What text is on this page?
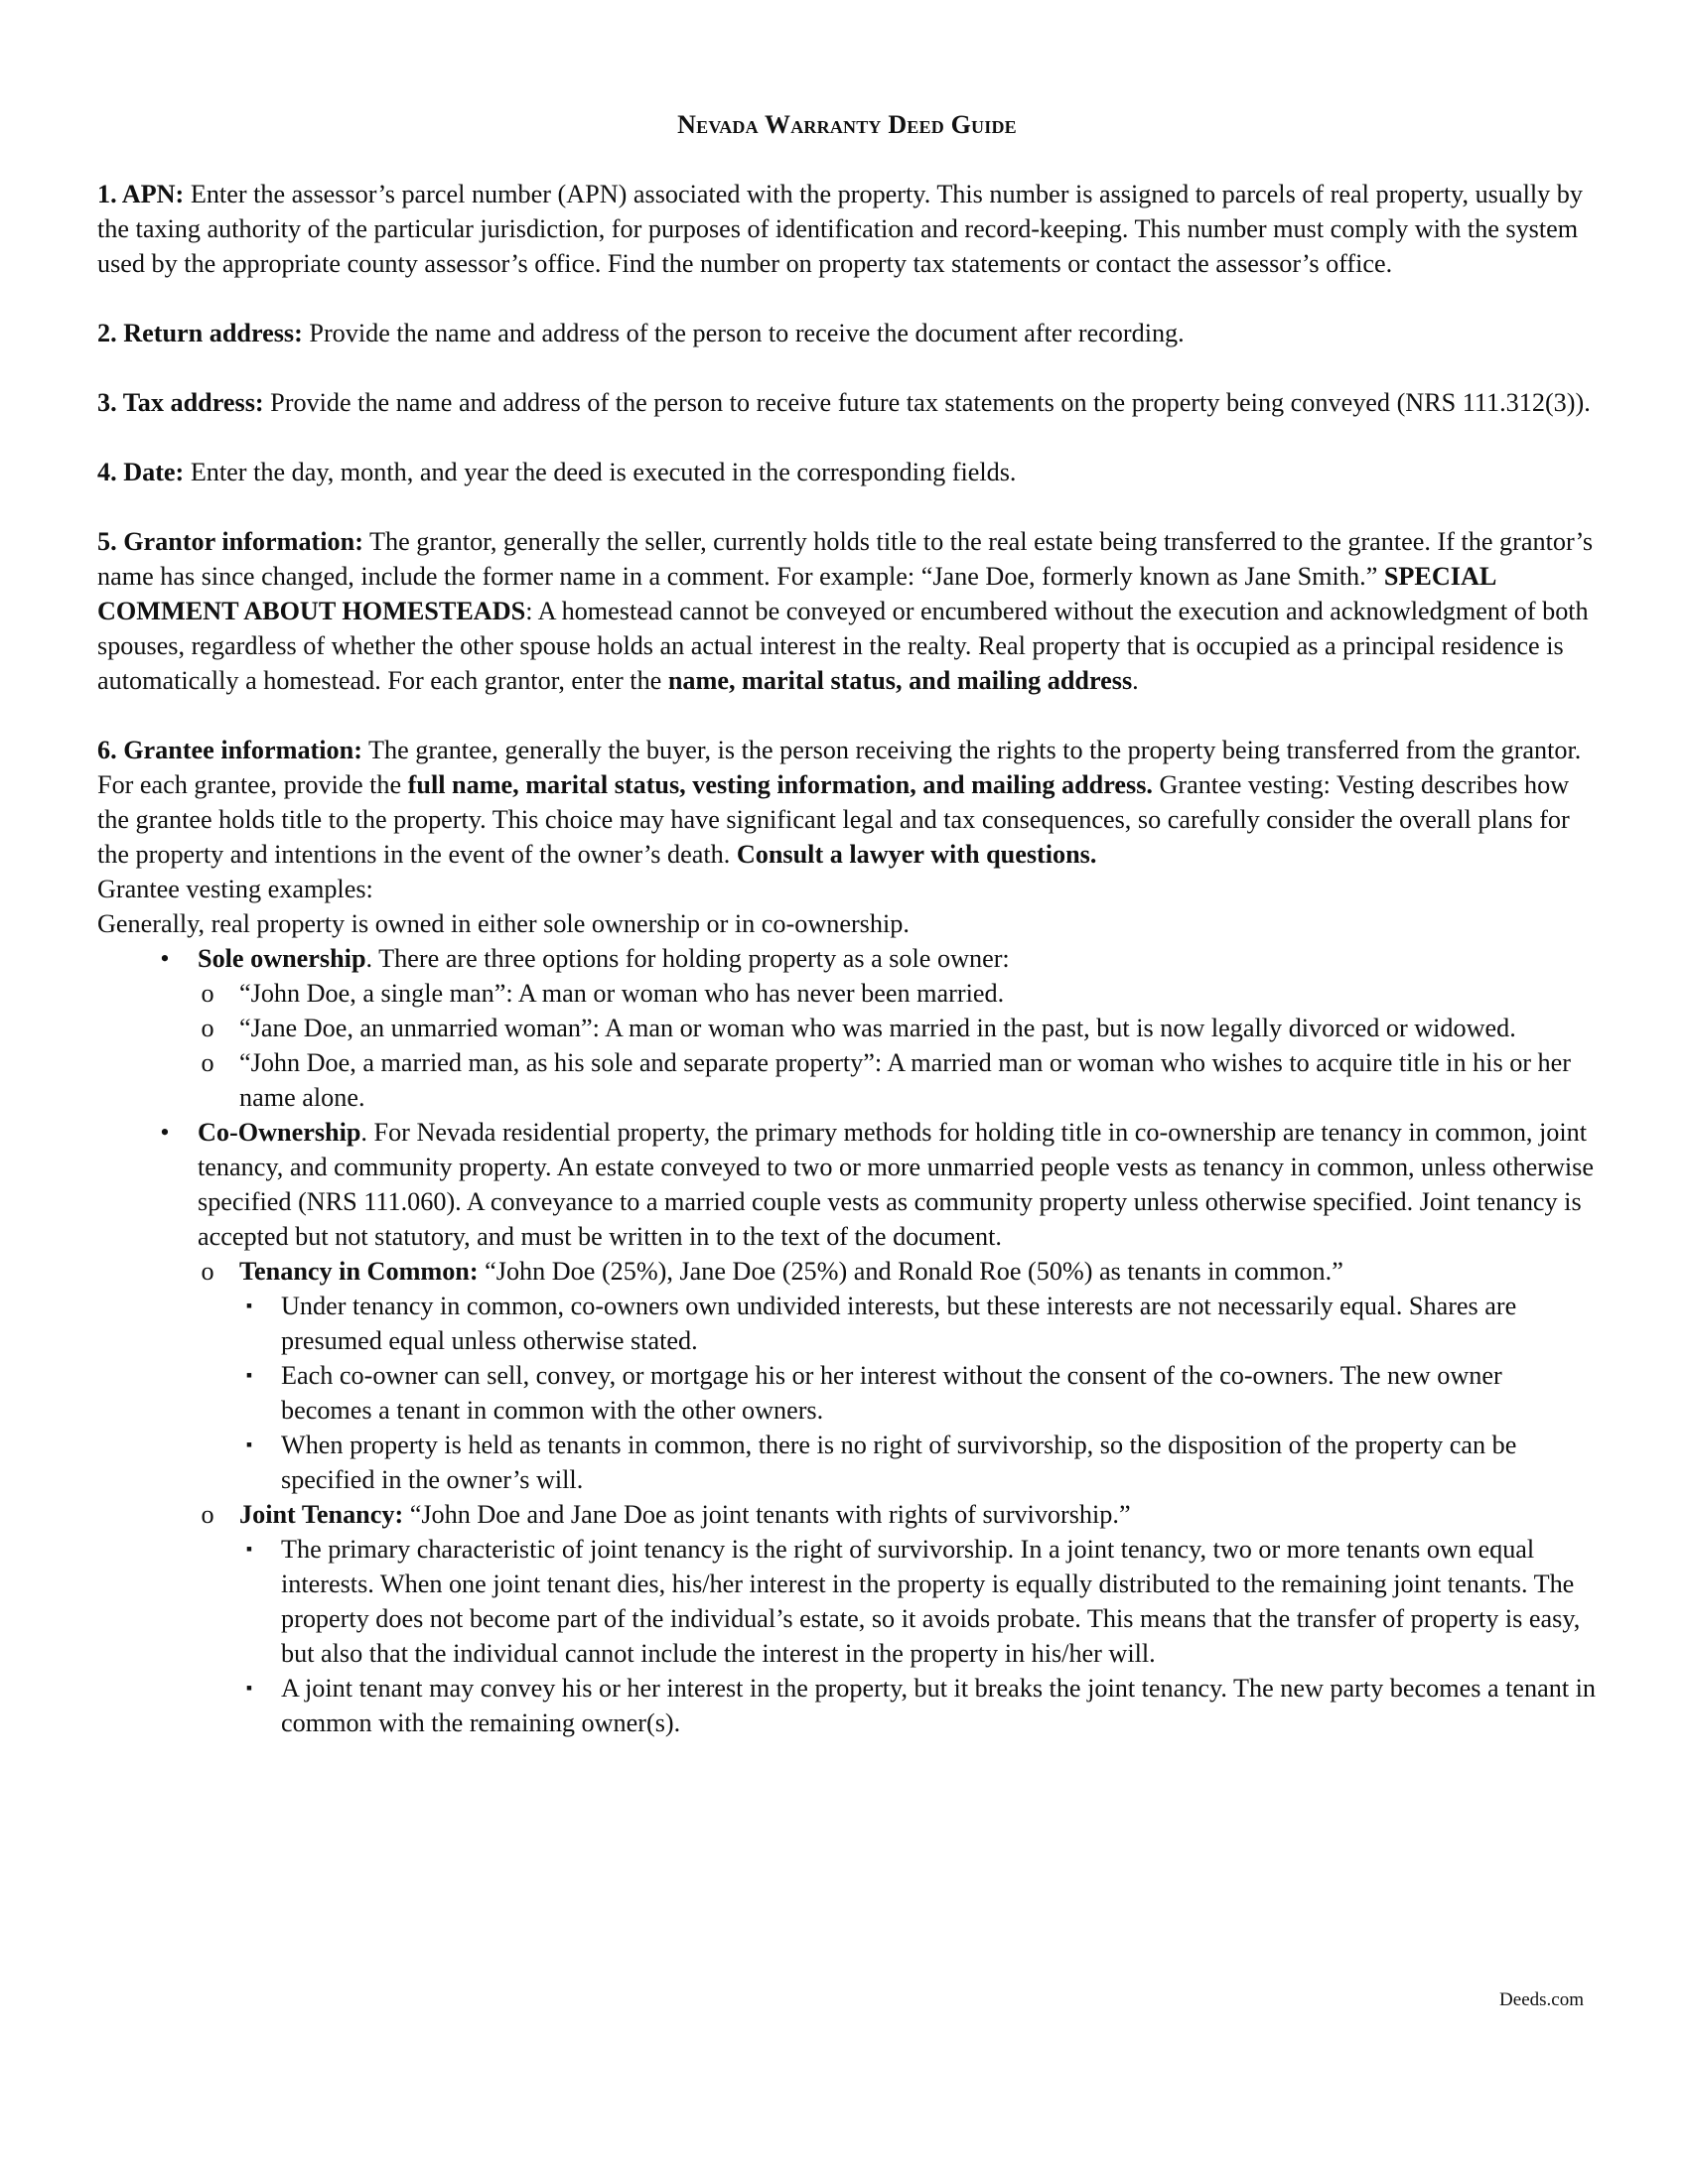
Nevada Warranty Deed Guide

1. APN: Enter the assessor’s parcel number (APN) associated with the property. This number is assigned to parcels of real property, usually by the taxing authority of the particular jurisdiction, for purposes of identification and record-keeping. This number must comply with the system used by the appropriate county assessor’s office. Find the number on property tax statements or contact the assessor’s office.

2. Return address: Provide the name and address of the person to receive the document after recording.

3. Tax address: Provide the name and address of the person to receive future tax statements on the property being conveyed (NRS 111.312(3)).

4. Date: Enter the day, month, and year the deed is executed in the corresponding fields.

5. Grantor information: The grantor, generally the seller, currently holds title to the real estate being transferred to the grantee. If the grantor’s name has since changed, include the former name in a comment. For example: “Jane Doe, formerly known as Jane Smith.” SPECIAL COMMENT ABOUT HOMESTEADS: A homestead cannot be conveyed or encumbered without the execution and acknowledgment of both spouses, regardless of whether the other spouse holds an actual interest in the realty. Real property that is occupied as a principal residence is automatically a homestead. For each grantor, enter the name, marital status, and mailing address.

6. Grantee information: The grantee, generally the buyer, is the person receiving the rights to the property being transferred from the grantor. For each grantee, provide the full name, marital status, vesting information, and mailing address. Grantee vesting: Vesting describes how the grantee holds title to the property. This choice may have significant legal and tax consequences, so carefully consider the overall plans for the property and intentions in the event of the owner’s death. Consult a lawyer with questions.

Grantee vesting examples:

Generally, real property is owned in either sole ownership or in co-ownership.

• Sole ownership. There are three options for holding property as a sole owner:
o “John Doe, a single man”: A man or woman who has never been married.
o “Jane Doe, an unmarried woman”: A man or woman who was married in the past, but is now legally divorced or widowed.
o “John Doe, a married man, as his sole and separate property”: A married man or woman who wishes to acquire title in his or her name alone.
• Co-Ownership. For Nevada residential property, the primary methods for holding title in co-ownership are tenancy in common, joint tenancy, and community property. An estate conveyed to two or more unmarried people vests as tenancy in common, unless otherwise specified (NRS 111.060). A conveyance to a married couple vests as community property unless otherwise specified. Joint tenancy is accepted but not statutory, and must be written in to the text of the document.
o Tenancy in Common: “John Doe (25%), Jane Doe (25%) and Ronald Roe (50%) as tenants in common.”
▪ Under tenancy in common, co-owners own undivided interests, but these interests are not necessarily equal. Shares are presumed equal unless otherwise stated.
▪ Each co-owner can sell, convey, or mortgage his or her interest without the consent of the co-owners. The new owner becomes a tenant in common with the other owners.
▪ When property is held as tenants in common, there is no right of survivorship, so the disposition of the property can be specified in the owner’s will.
o Joint Tenancy: “John Doe and Jane Doe as joint tenants with rights of survivorship.”
▪ The primary characteristic of joint tenancy is the right of survivorship. In a joint tenancy, two or more tenants own equal interests. When one joint tenant dies, his/her interest in the property is equally distributed to the remaining joint tenants. The property does not become part of the individual’s estate, so it avoids probate. This means that the transfer of property is easy, but also that the individual cannot include the interest in the property in his/her will.
▪ A joint tenant may convey his or her interest in the property, but it breaks the joint tenancy. The new party becomes a tenant in common with the remaining owner(s).
Deeds.com
